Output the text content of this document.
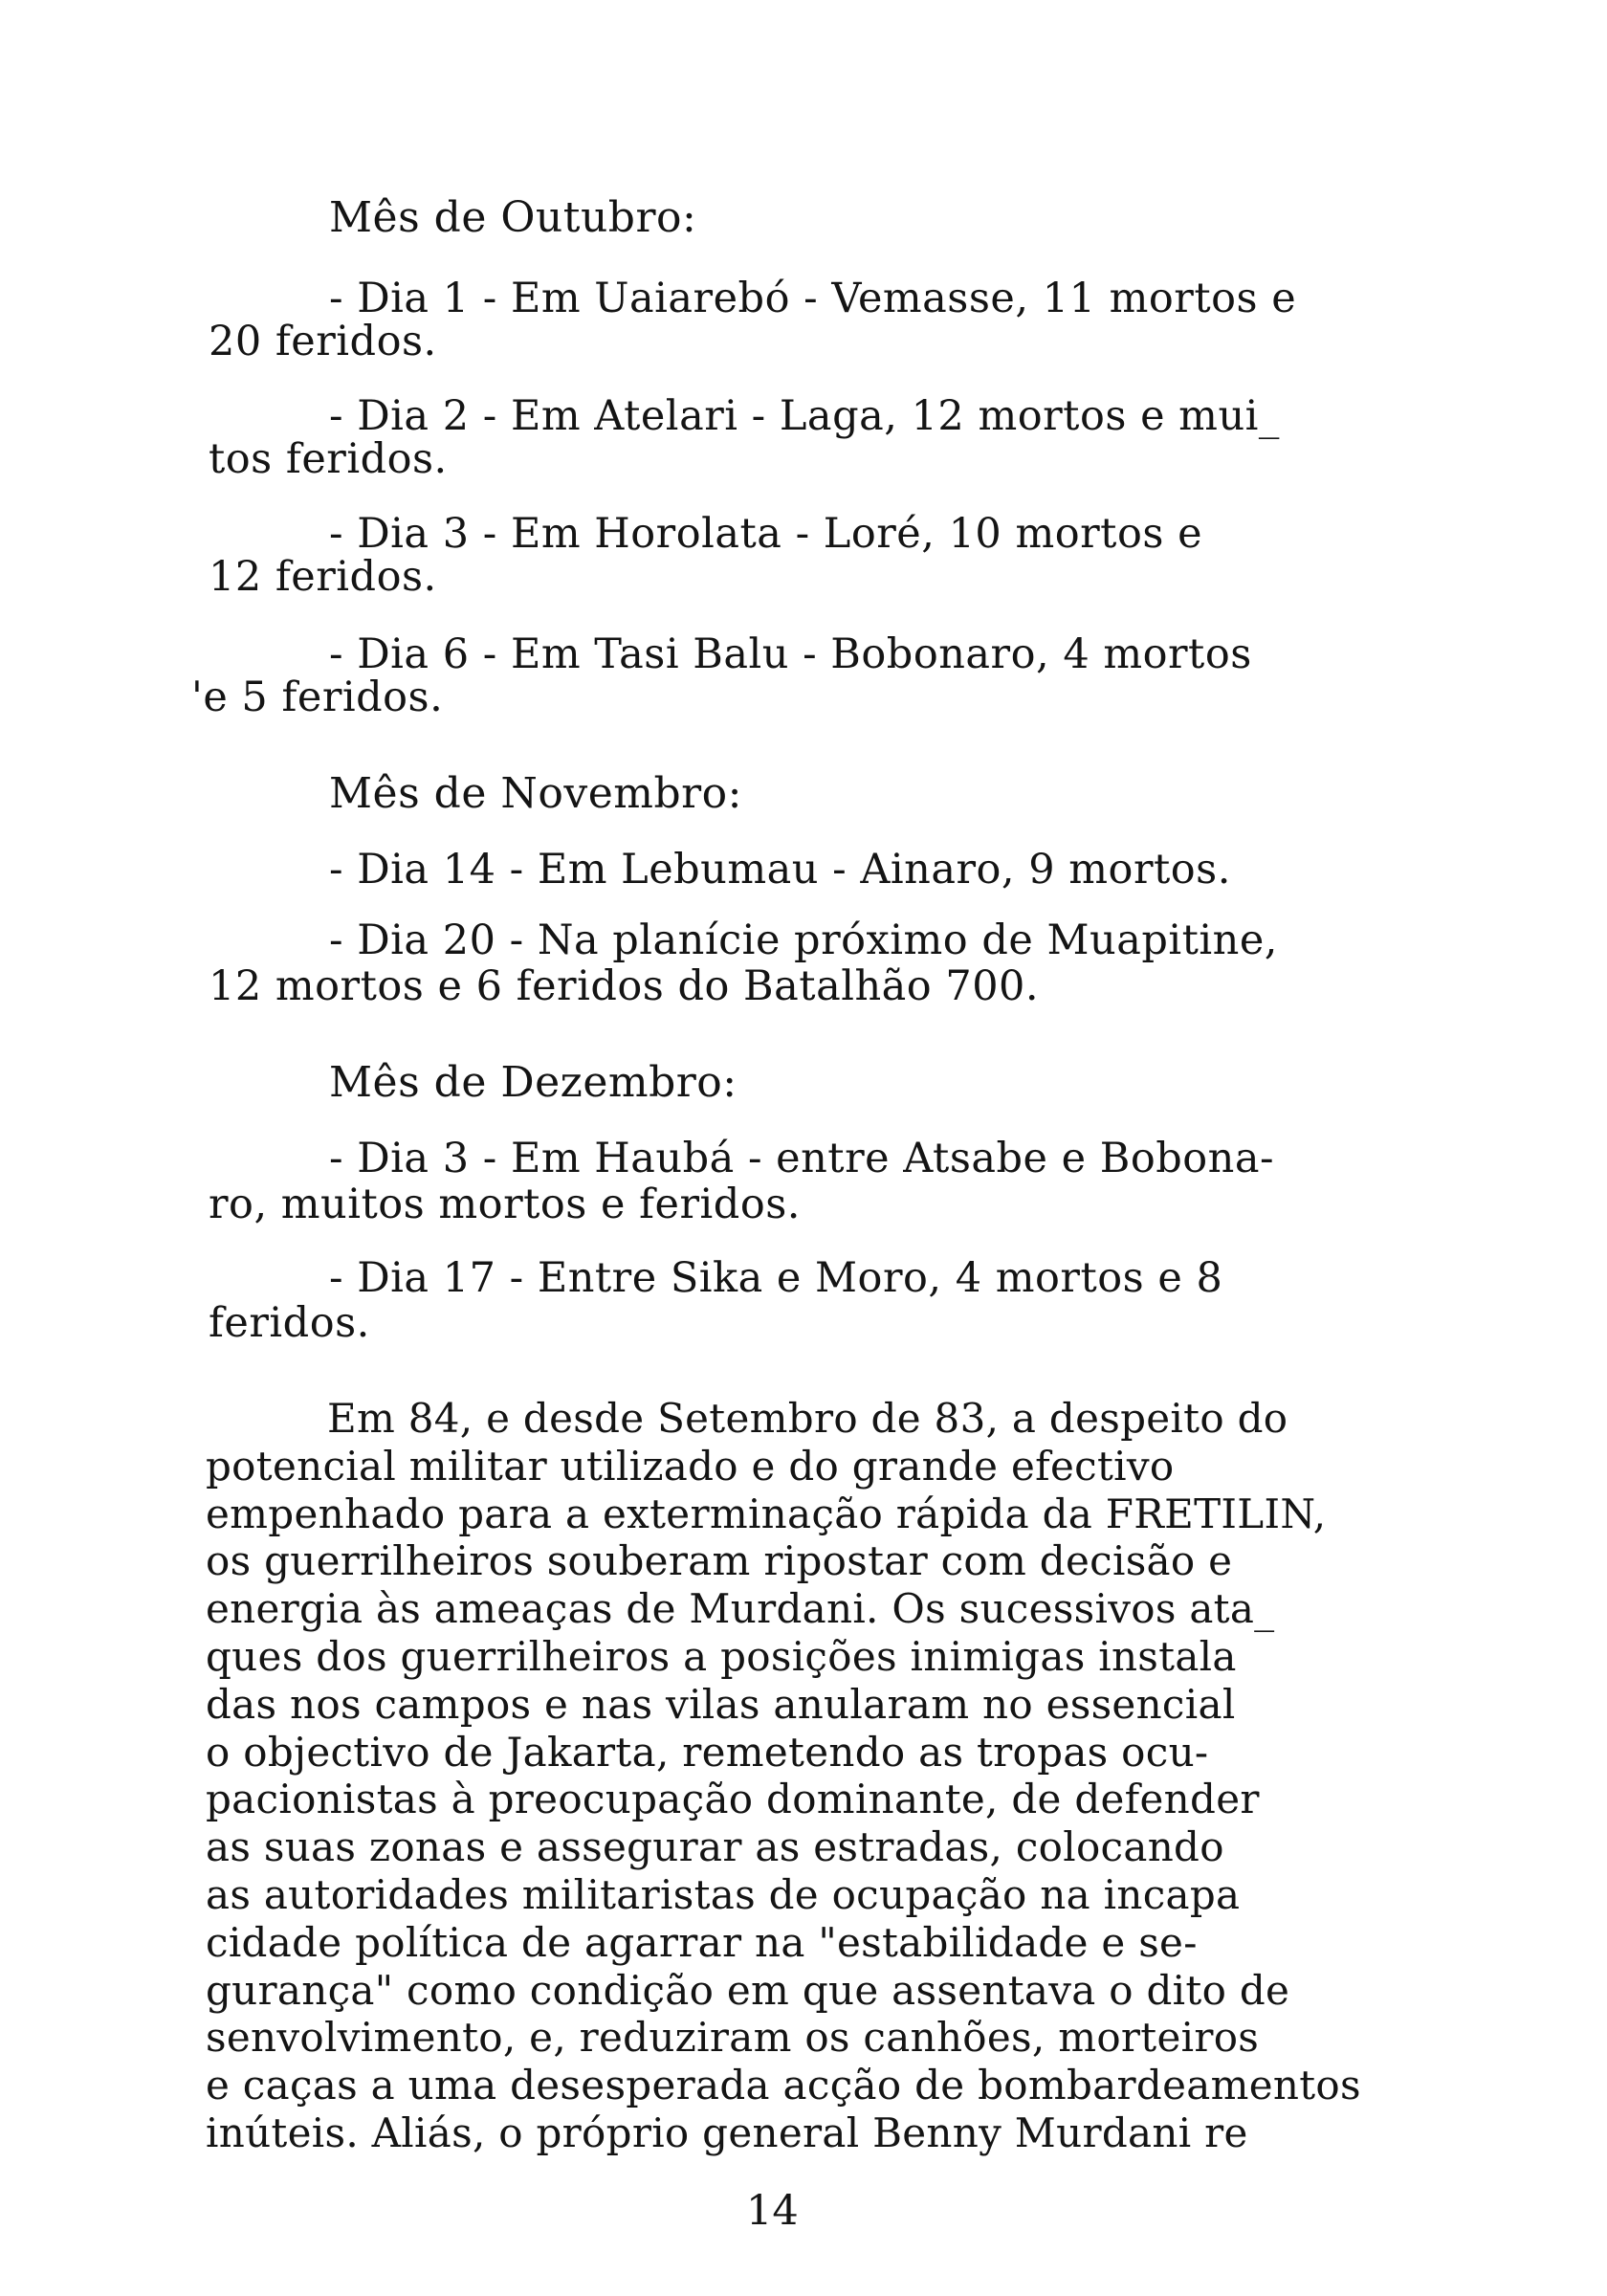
Mês de Outubro:
- Dia 1 - Em Uaiarebó - Vemasse, 11 mortos e
20 feridos.
- Dia 2 - Em Atelari - Laga, 12 mortos e mui_
tos feridos.
- Dia 3 - Em Horolata - Loré, 10 mortos e
12 feridos.
- Dia 6 - Em Tasi Balu - Bobonaro, 4 mortos
'e 5 feridos.
Mês de Novembro:
- Dia 14 - Em Lebumau - Ainaro, 9 mortos.
- Dia 20 - Na planície próximo de Muapitine,
12 mortos e 6 feridos do Batalhão 700.
Mês de Dezembro:
- Dia 3 - Em Haubá - entre Atsabe e Bobona-
ro, muitos mortos e feridos.
- Dia 17 - Entre Sika e Moro, 4 mortos e 8
feridos.
Em 84, e desde Setembro de 83, a despeito do
potencial militar utilizado e do grande efectivo
empenhado para a exterminação rápida da FRETILIN,
os guerrilheiros souberam ripostar com decisão e
energia às ameaças de Murdani. Os sucessivos ata_
ques dos guerrilheiros a posições inimigas instala
das nos campos e nas vilas anularam no essencial
o objectivo de Jakarta, remetendo as tropas ocu-
pacionistas à preocupação dominante, de defender
as suas zonas e assegurar as estradas, colocando
as autoridades militaristas de ocupação na incapa
cidade política de agarrar na "estabilidade e se-
gurança" como condição em que assentava o dito de
senvolvimento, e, reduziram os canhões, morteiros
e caças a uma desesperada acção de bombardeamentos
inúteis. Aliás, o próprio general Benny Murdani re
14
